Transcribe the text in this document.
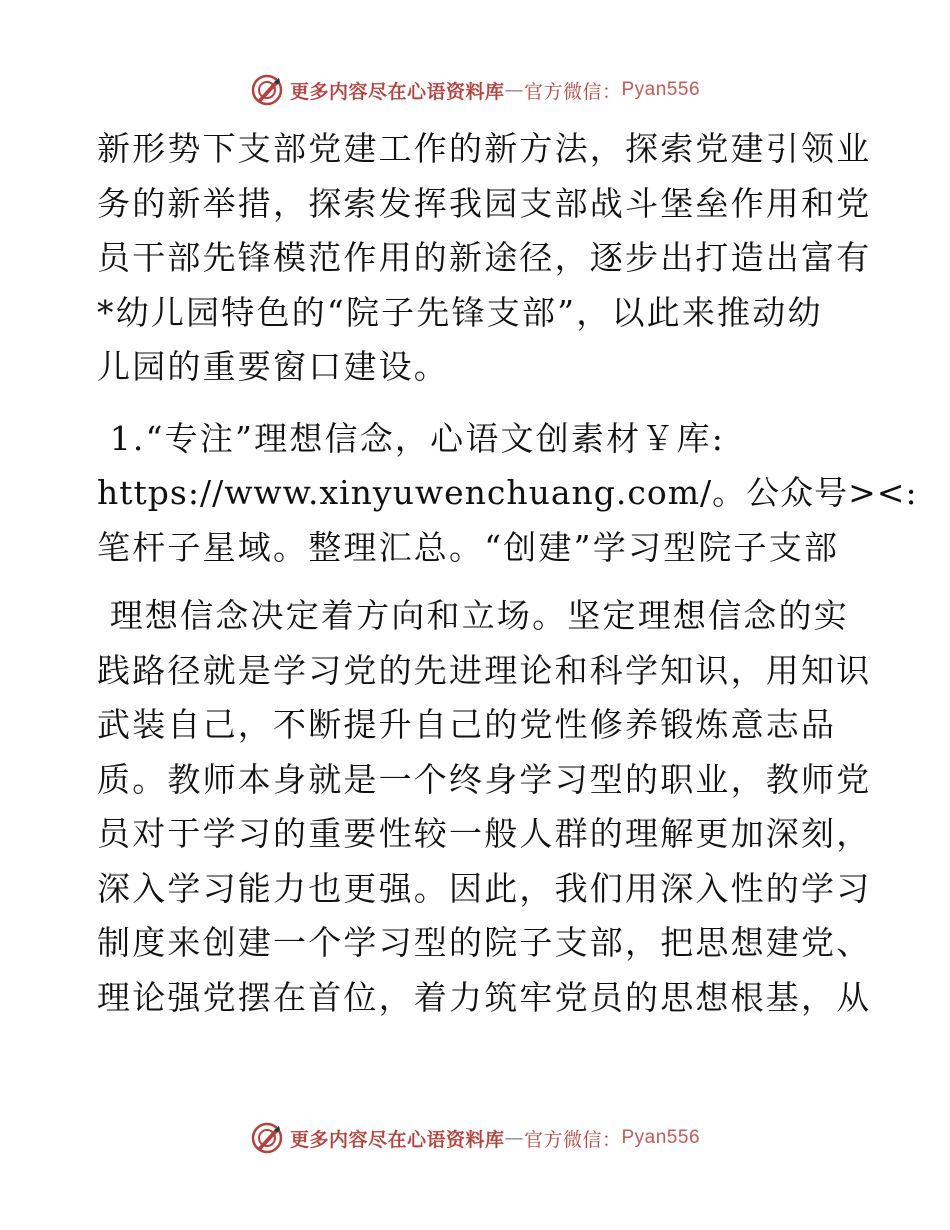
更多内容尽在心语资料库 — 官方微信： Pyan556
新形势下支部党建工作的新方法，探索党建引领业
务的新举措，探索发挥我园支部战斗堡垒作用和党
员干部先锋模范作用的新途径，逐步出打造出富有
*幼儿园特色的“院子先锋支部”，以此来推动幼
儿园的重要窗口建设。
1.“专注”理想信念，心语文创素材￥库:
https://www.xinyuwenchuang.com/。公众号><:
笔杆子星域。整理汇总。“创建”学习型院子支部
理想信念决定着方向和立场。坚定理想信念的实
践路径就是学习党的先进理论和科学知识，用知识
武装自己，不断提升自己的党性修养锻炼意志品
质。教师本身就是一个终身学习型的职业，教师党
员对于学习的重要性较一般人群的理解更加深刻，
深入学习能力也更强。因此，我们用深入性的学习
制度来创建一个学习型的院子支部，把思想建党、
理论强党摆在首位，着力筑牢党员的思想根基，从
更多内容尽在心语资料库 — 官方微信： Pyan556
